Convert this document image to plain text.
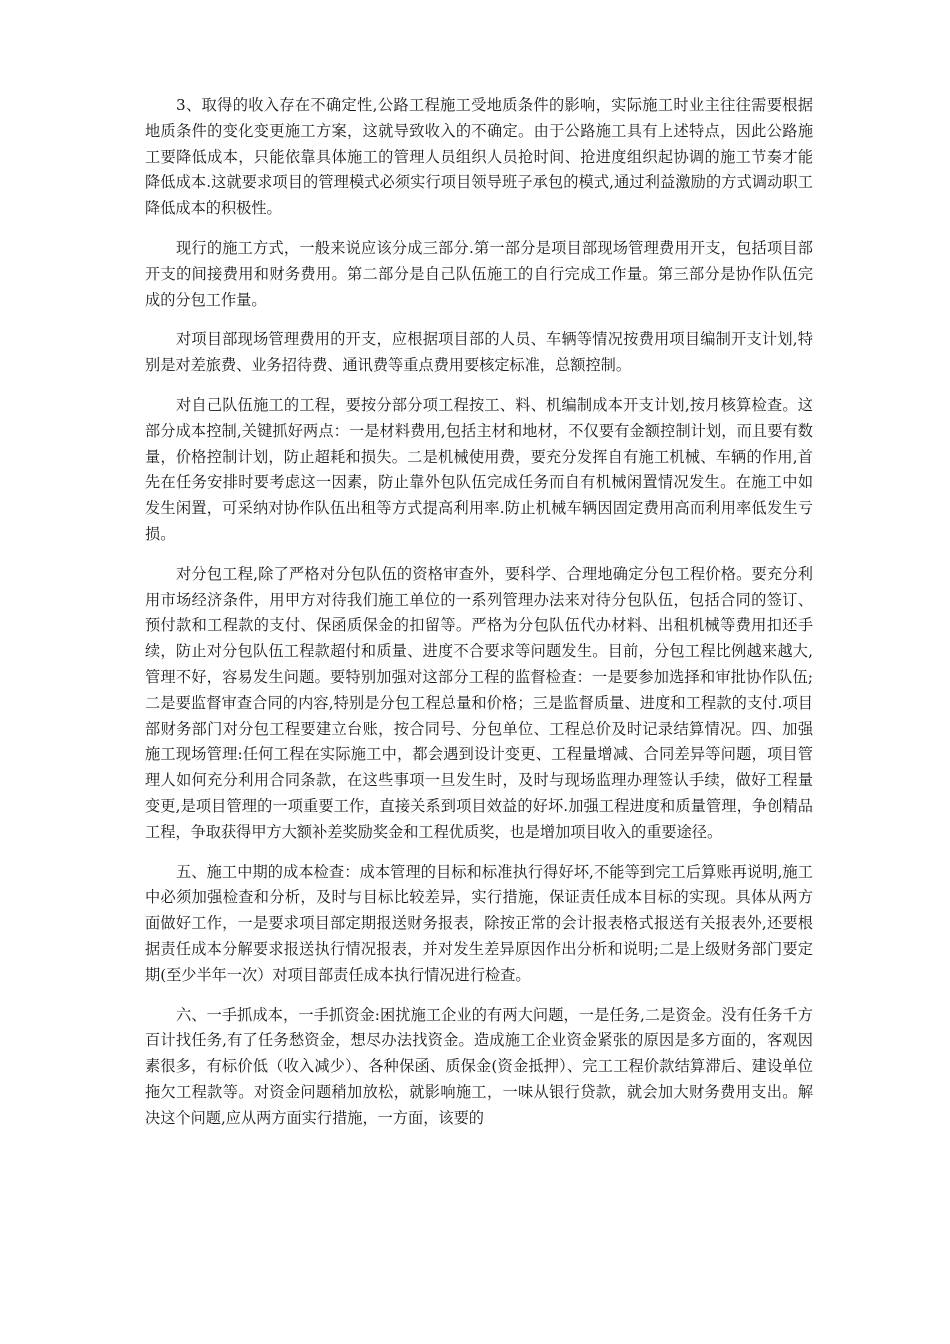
3、取得的收入存在不确定性,公路工程施工受地质条件的影响，实际施工时业主往往需要根据地质条件的变化变更施工方案，这就导致收入的不确定。由于公路施工具有上述特点，因此公路施工要降低成本，只能依靠具体施工的管理人员组织人员抢时间、抢进度组织起协调的施工节奏才能降低成本.这就要求项目的管理模式必须实行项目领导班子承包的模式,通过利益激励的方式调动职工降低成本的积极性。

现行的施工方式，一般来说应该分成三部分.第一部分是项目部现场管理费用开支，包括项目部开支的间接费用和财务费用。第二部分是自己队伍施工的自行完成工作量。第三部分是协作队伍完成的分包工作量。

对项目部现场管理费用的开支，应根据项目部的人员、车辆等情况按费用项目编制开支计划,特别是对差旅费、业务招待费、通讯费等重点费用要核定标准，总额控制。

对自己队伍施工的工程，要按分部分项工程按工、料、机编制成本开支计划,按月核算检查。这部分成本控制,关键抓好两点：一是材料费用,包括主材和地材，不仅要有金额控制计划，而且要有数量，价格控制计划，防止超耗和损失。二是机械使用费，要充分发挥自有施工机械、车辆的作用,首先在任务安排时要考虑这一因素，防止靠外包队伍完成任务而自有机械闲置情况发生。在施工中如发生闲置，可采纳对协作队伍出租等方式提高利用率.防止机械车辆因固定费用高而利用率低发生亏损。

对分包工程,除了严格对分包队伍的资格审查外，要科学、合理地确定分包工程价格。要充分利用市场经济条件，用甲方对待我们施工单位的一系列管理办法来对待分包队伍，包括合同的签订、预付款和工程款的支付、保函质保金的扣留等。严格为分包队伍代办材料、出租机械等费用扣还手续，防止对分包队伍工程款超付和质量、进度不合要求等问题发生。目前，分包工程比例越来越大,管理不好，容易发生问题。要特别加强对这部分工程的监督检查：一是要参加选择和审批协作队伍;二是要监督审查合同的内容,特别是分包工程总量和价格；三是监督质量、进度和工程款的支付.项目部财务部门对分包工程要建立台账，按合同号、分包单位、工程总价及时记录结算情况。四、加强施工现场管理:任何工程在实际施工中，都会遇到设计变更、工程量增减、合同差异等问题，项目管理人如何充分利用合同条款，在这些事项一旦发生时，及时与现场监理办理签认手续，做好工程量变更,是项目管理的一项重要工作，直接关系到项目效益的好坏.加强工程进度和质量管理，争创精品工程，争取获得甲方大额补差奖励奖金和工程优质奖，也是增加项目收入的重要途径。

五、施工中期的成本检查：成本管理的目标和标准执行得好坏,不能等到完工后算账再说明,施工中必须加强检查和分析，及时与目标比较差异，实行措施，保证责任成本目标的实现。具体从两方面做好工作，一是要求项目部定期报送财务报表，除按正常的会计报表格式报送有关报表外,还要根据责任成本分解要求报送执行情况报表，并对发生差异原因作出分析和说明;二是上级财务部门要定期(至少半年一次）对项目部责任成本执行情况进行检查。

六、一手抓成本，一手抓资金:困扰施工企业的有两大问题，一是任务,二是资金。没有任务千方百计找任务,有了任务愁资金，想尽办法找资金。造成施工企业资金紧张的原因是多方面的，客观因素很多，有标价低（收入减少）、各种保函、质保金(资金抵押）、完工工程价款结算滞后、建设单位拖欠工程款等。对资金问题稍加放松，就影响施工，一味从银行贷款，就会加大财务费用支出。解决这个问题,应从两方面实行措施，一方面，该要的
